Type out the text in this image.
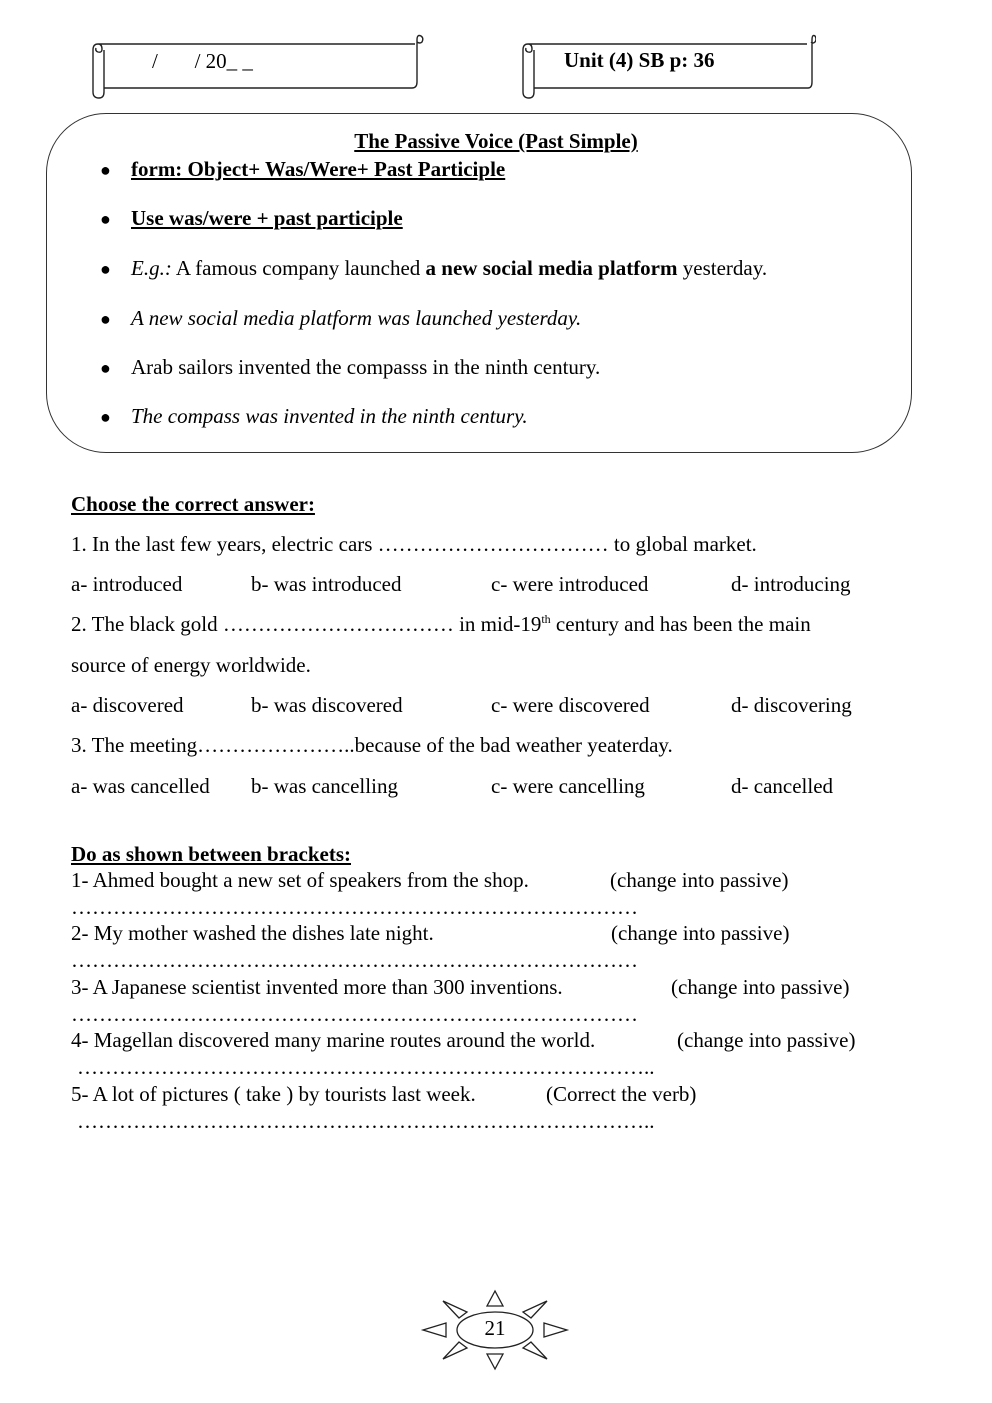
/       / 20_ _	Unit (4) SB p: 36
The Passive Voice (Past Simple)
● form: Object+ Was/Were+ Past Participle
● Use was/were + past participle
● E.g.: A famous company launched a new social media platform yesterday.
● A new social media platform was launched yesterday.
● Arab sailors invented the compasss in the ninth century.
● The compass was invented in the ninth century.
Choose the correct answer:
1. In the last few years, electric cars …………………………… to global market.
a- introduced	b- was introduced	c- were introduced	d- introducing
2. The black gold …………………………… in mid-19th century and has been the main
source of energy worldwide.
a- discovered	b- was discovered	c- were discovered	d- discovering
3. The meeting…………………..because of the bad weather yeaterday.
a- was cancelled b- was cancelling	c- were cancelling	d- cancelled
Do as shown between brackets:
1- Ahmed bought a new set of speakers from the shop.	(change into passive)
………………………………………………………………………
2- My mother washed the dishes late night.	(change into passive)
………………………………………………………………………
3- A Japanese scientist invented more than 300 inventions.	(change into passive)
………………………………………………………………………
4- Magellan discovered many marine routes around the world.	(change into passive)
………………………………………………………………………..
5- A lot of pictures ( take ) by tourists last week.	(Correct the verb)
………………………………………………………………………..
21
